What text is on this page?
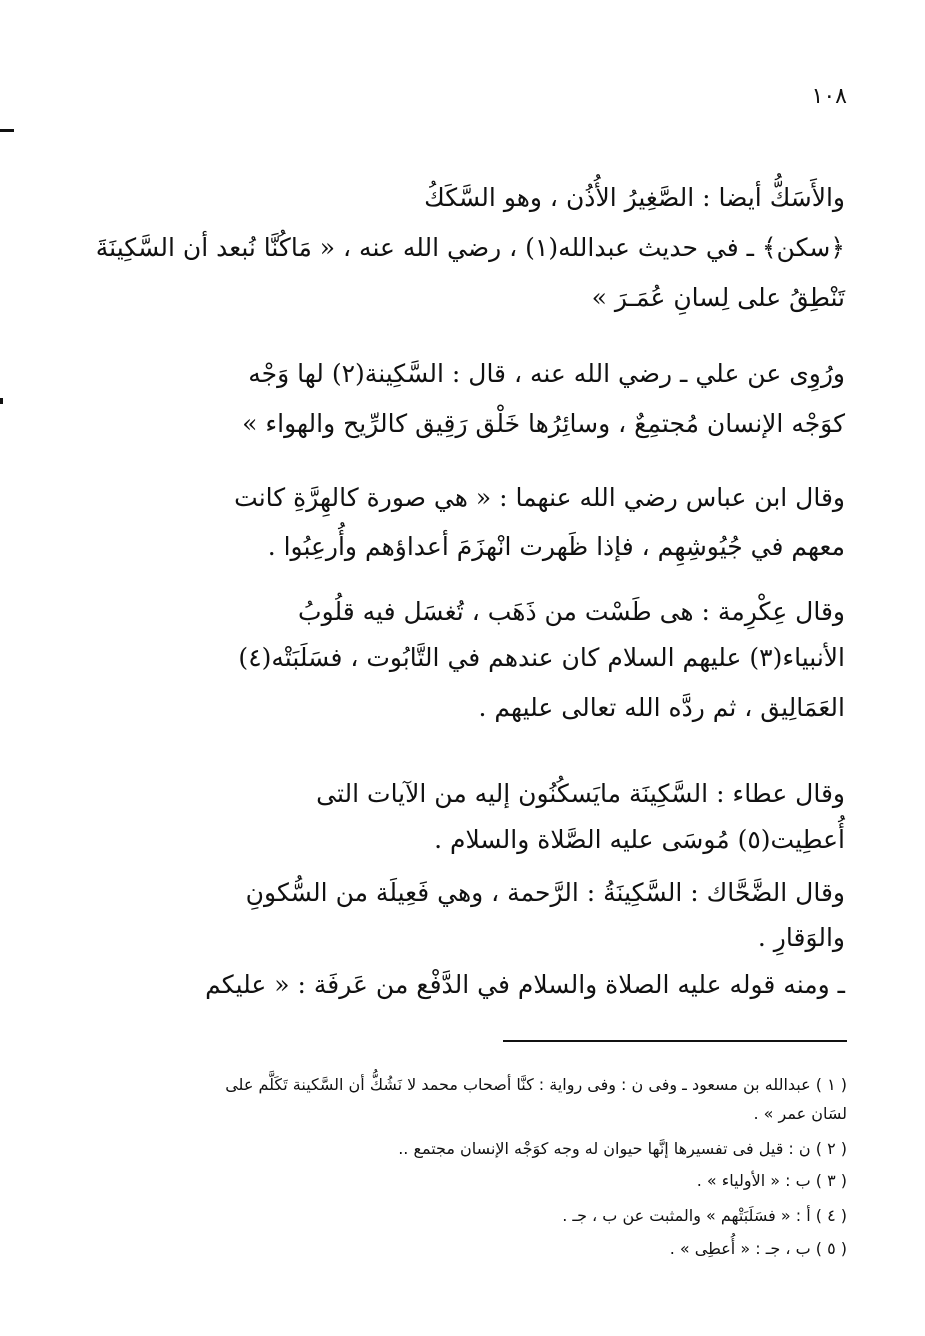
١٠٨
والأَسَكُّ أيضا : الصَّغِيرُ الأُذُن ، وهو السَّكَكُ
﴿سكن﴾ ـ في حديث عبدالله(١) ، رضي الله عنه ، « مَاكُنَّا نُبعد أن السَّكِينَةَ
تَنْطِقُ على لِسانِ عُمَـرَ »
ورُوِى عن علي ـ رضي الله عنه ، قال : السَّكِينة(٢) لها وَجْه
كوَجْه الإنسان مُجتمِعٌ ، وسائِرُها خَلْق رَقِيق كالرِّيح والهواء »
وقال ابن عباس رضي الله عنهما : « هي صورة كالهِرَّةِ كانت
معهم في جُيُوشِهِم ، فإذا ظَهرت انْهزَمَ أعداؤهم وأُرعِبُوا .
وقال عِكْرِمة : هى طَسْت من ذَهَب ، تُغسَل فيه قلُوبُ
الأنبياء(٣) عليهم السلام كان عندهم في التَّابُوت ، فسَلَبَتْه(٤)
العَمَالِيق ، ثم ردَّه الله تعالى عليهم .
وقال عطاء : السَّكِينَة مايَسكُنُون إليه من الآيات التى
أُعطِيت(٥) مُوسَى عليه الصَّلاة والسلام .
وقال الضَّحَّاك : السَّكِينَةُ : الرَّحمة ، وهي فَعِيلَة من السُّكونِ
والوَقارِ .
ـ ومنه قوله عليه الصلاة والسلام في الدَّفْع من عَرفَة : « عليكم
( ١ ) عبدالله بن مسعود ـ وفى ن : وفى رواية : كنَّا أصحاب محمد لا نَشُكُّ أن السَّكينة تَكَلَّم على
لسَان عمر » .
( ٢ ) ن : قيل فى تفسيرها إنَّها حيوان له وجه كوَجْه الإنسان مجتمع ..
( ٣ ) ب : « الأولياء » .
( ٤ ) أ : « فسَلَبَتْهم » والمثبت عن ب ، جـ .
( ٥ ) ب ، جـ : « أُعطِى » .
